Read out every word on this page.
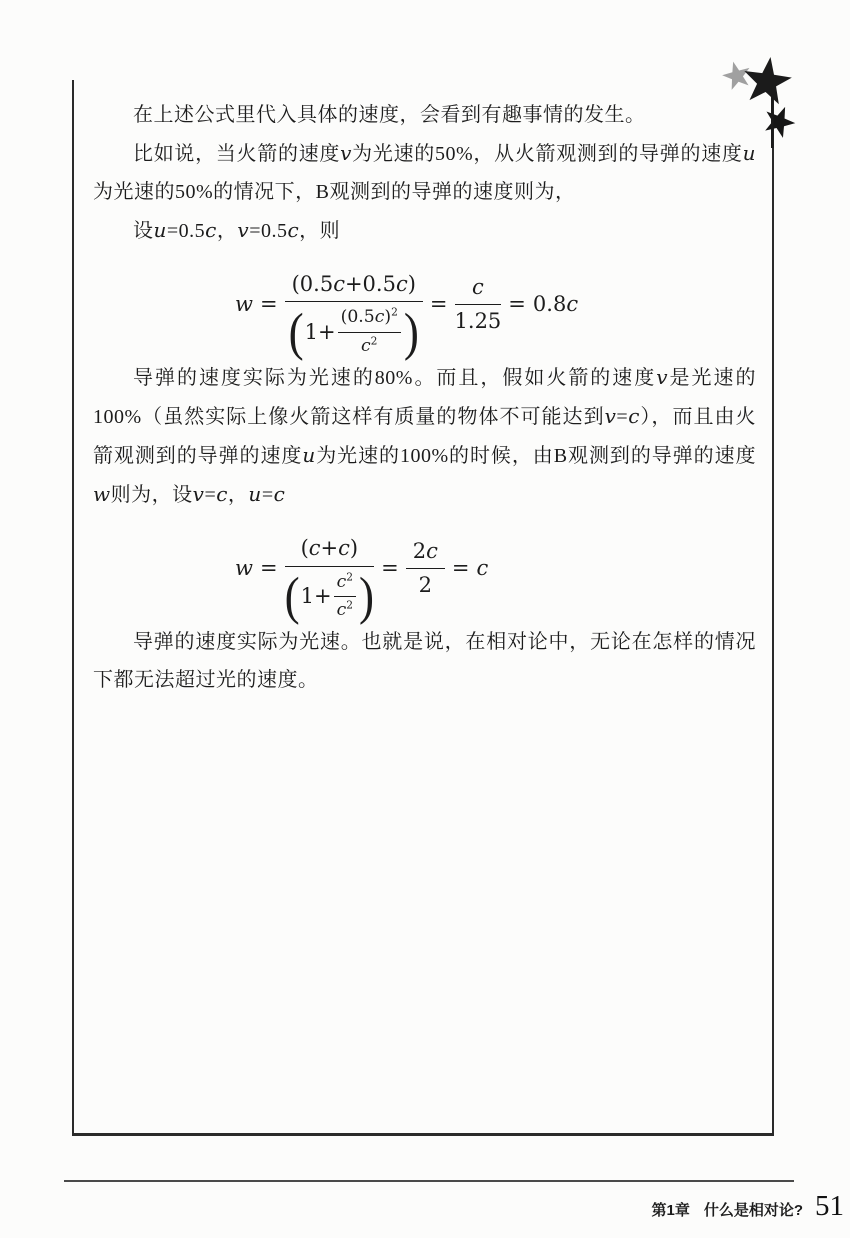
在上述公式里代入具体的速度，会看到有趣事情的发生。

比如说，当火箭的速度v为光速的50%，从火箭观测到的导弹的速度u为光速的50%的情况下，B观测到的导弹的速度则为，

设u=0.5c，v=0.5c，则

w =
(0.5c+0.5c)
( $1+ \frac{(0.5c)^2}{c^2}$ ) = $\frac{c}{1.25} = 0.8c$

导弹的速度实际为光速的80%。而且，假如火箭的速度v是光速的100%（虽然实际上像火箭这样有质量的物体不可能达到v=c），而且由火箭观测到的导弹的速度u为光速的100%的时候，由B观测到的导弹的速度w则为，设v=c，u=c

w =
(c+c)
( $1+ \frac{c^2}{c^2}$ ) = $\frac{2c}{2} = c$

导弹的速度实际为光速。也就是说，在相对论中，无论在怎样的情况下都无法超过光的速度。

第1章 什么是相对论? 51
